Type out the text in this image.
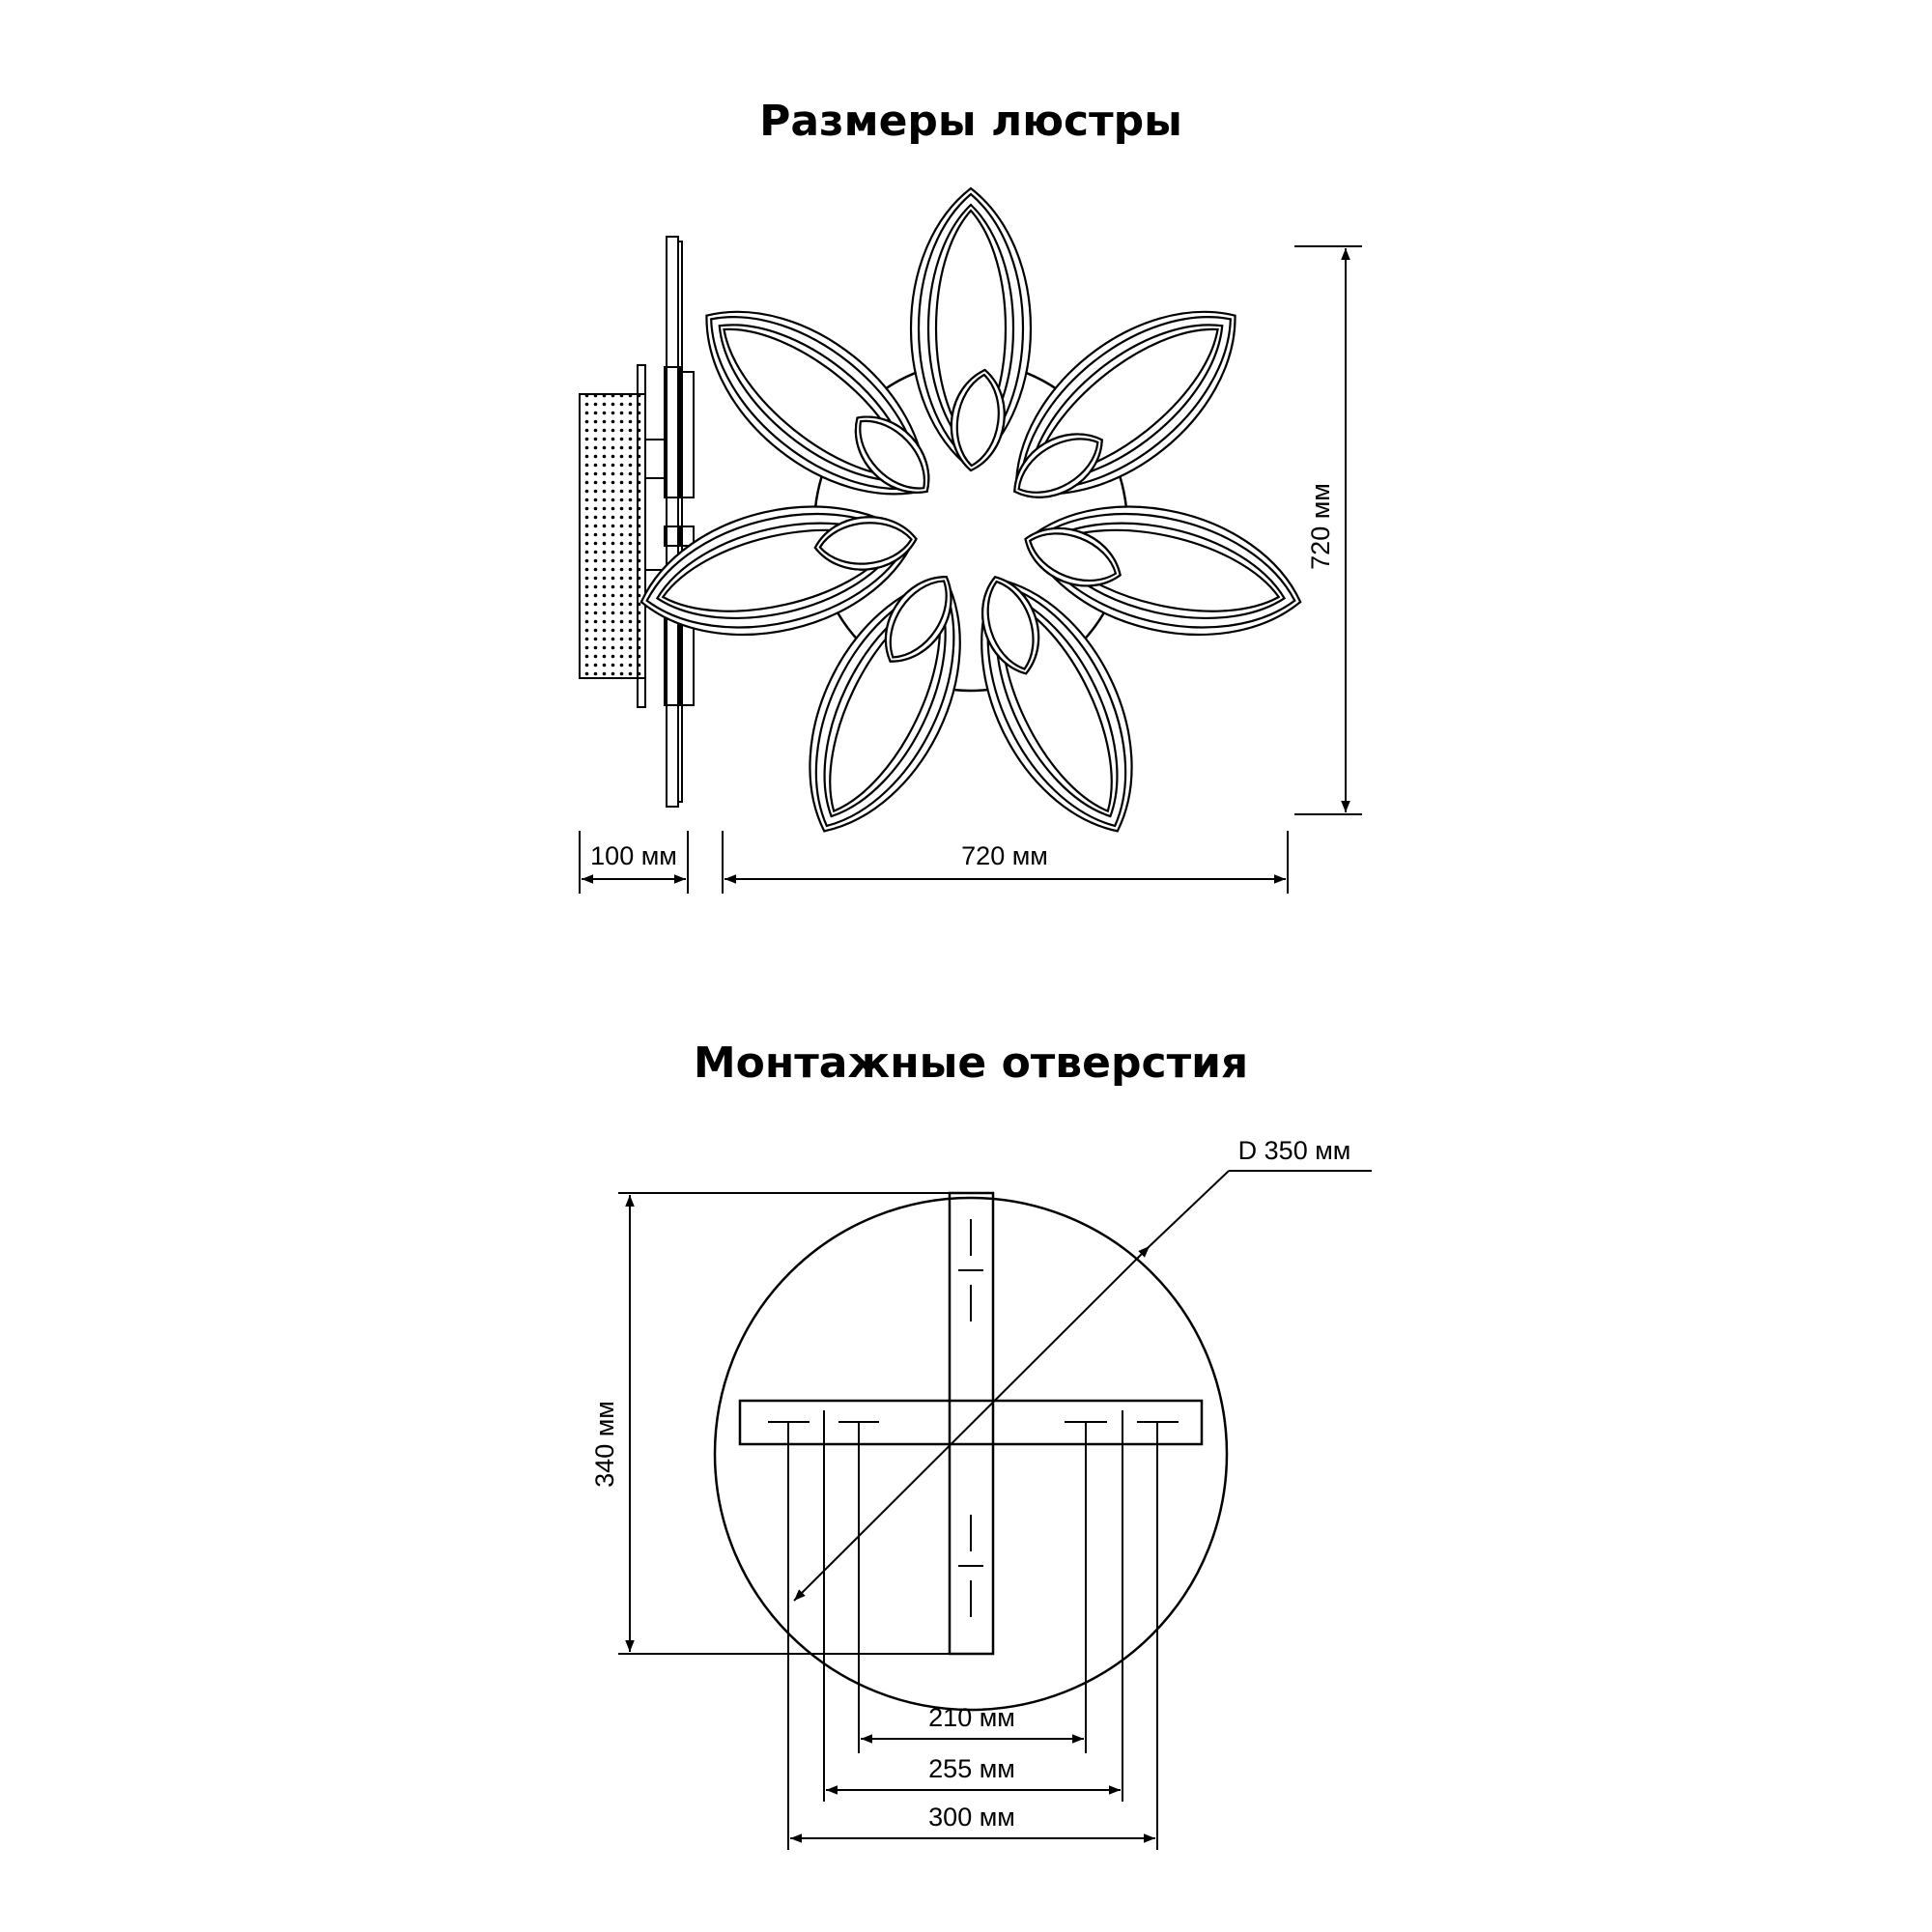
Размеры люстры
100 мм	720 мм
720 мм
Монтажные отверстия
D 350 мм
340 мм
210 мм
255 мм
300 мм
